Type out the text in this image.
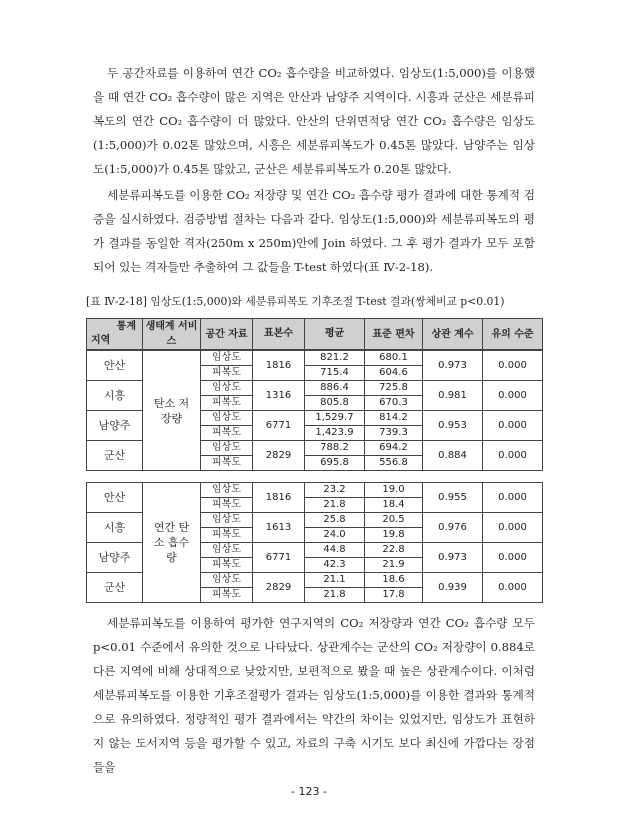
두 공간자료를 이용하여 연간 CO₂ 흡수량을 비교하였다. 임상도(1:5,000)를 이용했을 때 연간 CO₂ 흡수량이 많은 지역은 안산과 남양주 지역이다. 시흥과 군산은 세분류피복도의 연간 CO₂ 흡수량이 더 많았다. 안산의 단위면적당 연간 CO₂ 흡수량은 임상도(1:5,000)가 0.02톤 많았으며, 시흥은 세분류피복도가 0.45톤 많았다. 남양주는 임상도(1:5,000)가 0.45톤 많았고, 군산은 세분류피복도가 0.20톤 많았다.

세분류피복도를 이용한 CO₂ 저장량 및 연간 CO₂ 흡수량 평가 결과에 대한 통계적 검증을 실시하였다. 검증방법 절차는 다음과 같다. 임상도(1:5,000)와 세분류피복도의 평가 결과를 동일한 격자(250m x 250m)안에 Join 하였다. 그 후 평가 결과가 모두 포함되어 있는 격자들만 추출하여 그 값들을 T-test 하였다(표 Ⅳ-2-18).

[표 Ⅳ-2-18] 임상도(1:5,000)와 세분류피복도 기후조절 T-test 결과(쌍체비교 p<0.01)
통계
지역
	생태계 서비스	공간 자료	표본수	평균	표준 편차	상관 계수	유의 수준

안산	탄소 저장량	임상도	1816	821.2	680.1	0.973	0.000
		피복도		715.4	604.6		
시흥		임상도	1316	886.4	725.8	0.981	0.000
		피복도		805.8	670.3		
남양주		임상도	6771	1,529.7	814.2	0.953	0.000
		피복도		1,423.9	739.3		
군산		임상도	2829	788.2	694.2	0.884	0.000
		피복도		695.8	556.8		
안산	연간 탄소 흡수량	임상도	1816	23.2	19.0	0.955	0.000
		피복도		21.8	18.4		
시흥		임상도	1613	25.8	20.5	0.976	0.000
		피복도		24.0	19.8		
남양주		임상도	6771	44.8	22.8	0.973	0.000
		피복도		42.3	21.9		
군산		임상도	2829	21.1	18.6	0.939	0.000
		피복도		21.8	17.8		

세분류피복도를 이용하여 평가한 연구지역의 CO₂ 저장량과 연간 CO₂ 흡수량 모두 p<0.01 수준에서 유의한 것으로 나타났다. 상관계수는 군산의 CO₂ 저장량이 0.884로 다른 지역에 비해 상대적으로 낮았지만, 보편적으로 봤을 때 높은 상관계수이다. 이처럼 세분류피복도를 이용한 기후조절평가 결과는 임상도(1:5,000)를 이용한 결과와 통계적으로 유의하였다. 정량적인 평가 결과에서는 약간의 차이는 있었지만, 임상도가 표현하지 않는 도서지역 등을 평가할 수 있고, 자료의 구축 시기도 보다 최신에 가깝다는 장점들을

- 123 -
